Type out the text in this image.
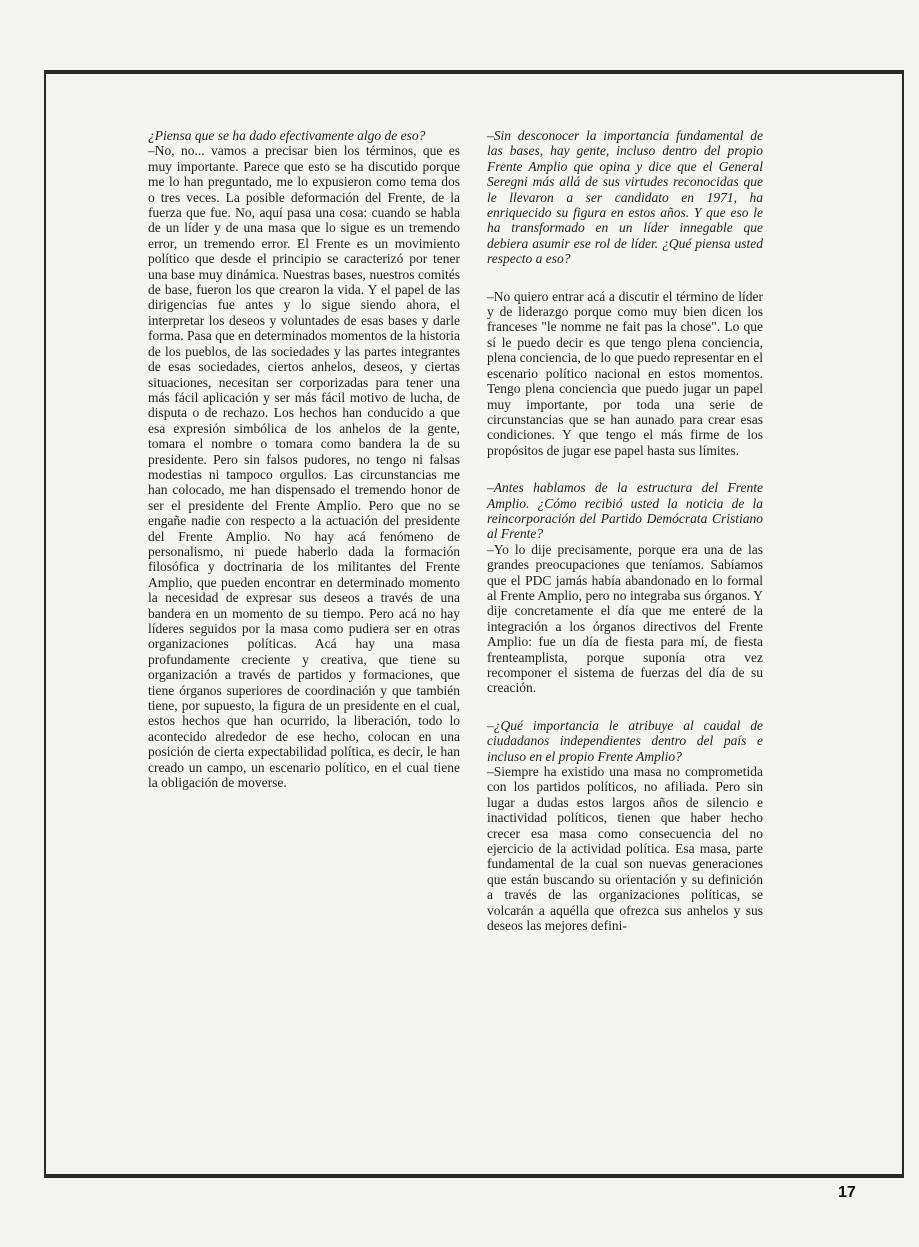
¿Piensa que se ha dado efectivamente algo de eso?

–No, no... vamos a precisar bien los términos, que es muy importante. Parece que esto se ha discutido porque me lo han preguntado, me lo expusieron como tema dos o tres veces. La posible deformación del Frente, de la fuerza que fue. No, aquí pasa una cosa: cuando se habla de un líder y de una masa que lo sigue es un tremendo error, un tremendo error. El Frente es un movimiento político que desde el principio se caracterizó por tener una base muy dinámica. Nuestras bases, nuestros comités de base, fueron los que crearon la vida. Y el papel de las dirigencias fue antes y lo sigue siendo ahora, el interpretar los deseos y voluntades de esas bases y darle forma. Pasa que en determinados momentos de la historia de los pueblos, de las sociedades y las partes integrantes de esas sociedades, ciertos anhelos, deseos, y ciertas situaciones, necesitan ser corporizadas para tener una más fácil aplicación y ser más fácil motivo de lucha, de disputa o de rechazo. Los hechos han conducido a que esa expresión simbólica de los anhelos de la gente, tomara el nombre o tomara como bandera la de su presidente. Pero sin falsos pudores, no tengo ni falsas modestias ni tampoco orgullos. Las circunstancias me han colocado, me han dispensado el tremendo honor de ser el presidente del Frente Amplio. Pero que no se engañe nadie con respecto a la actuación del presidente del Frente Amplio. No hay acá fenómeno de personalismo, ni puede haberlo dada la formación filosófica y doctrinaria de los militantes del Frente Amplio, que pueden encontrar en determinado momento la necesidad de expresar sus deseos a través de una bandera en un momento de su tiempo. Pero acá no hay líderes seguidos por la masa como pudiera ser en otras organizaciones políticas. Acá hay una masa profundamente creciente y creativa, que tiene su organización a través de partidos y formaciones, que tiene órganos superiores de coordinación y que también tiene, por supuesto, la figura de un presidente en el cual, estos hechos que han ocurrido, la liberación, todo lo acontecido alrededor de ese hecho, colocan en una posición de cierta expectabilidad política, es decir, le han creado un campo, un escenario político, en el cual tiene la obligación de moverse.

–Sin desconocer la importancia fundamental de las bases, hay gente, incluso dentro del propio Frente Amplio que opina y dice que el General Seregni más allá de sus virtudes reconocidas que le llevaron a ser candidato en 1971, ha enriquecido su figura en estos años. Y que eso le ha transformado en un líder innegable que debiera asumir ese rol de líder. ¿Qué piensa usted respecto a eso?

–No quiero entrar acá a discutir el término de líder y de liderazgo porque como muy bien dicen los franceses "le nomme ne fait pas la chose". Lo que sí le puedo decir es que tengo plena conciencia, plena conciencia, de lo que puedo representar en el escenario político nacional en estos momentos. Tengo plena conciencia que puedo jugar un papel muy importante, por toda una serie de circunstancias que se han aunado para crear esas condiciones. Y que tengo el más firme de los propósitos de jugar ese papel hasta sus límites.

–Antes hablamos de la estructura del Frente Amplio. ¿Cómo recibió usted la noticia de la reincorporación del Partido Demócrata Cristiano al Frente?

–Yo lo dije precisamente, porque era una de las grandes preocupaciones que teníamos. Sabíamos que el PDC jamás había abandonado en lo formal al Frente Amplio, pero no integraba sus órganos. Y dije concretamente el día que me enteré de la integración a los órganos directivos del Frente Amplio: fue un día de fiesta para mí, de fiesta frenteamplista, porque suponía otra vez recomponer el sistema de fuerzas del día de su creación.

–¿Qué importancia le atribuye al caudal de ciudadanos independientes dentro del país e incluso en el propio Frente Amplio?

–Siempre ha existido una masa no comprometida con los partidos políticos, no afiliada. Pero sin lugar a dudas estos largos años de silencio e inactividad políticos, tienen que haber hecho crecer esa masa como consecuencia del no ejercicio de la actividad política. Esa masa, parte fundamental de la cual son nuevas generaciones que están buscando su orientación y su definición a través de las organizaciones políticas, se volcarán a aquélla que ofrezca sus anhelos y sus deseos las mejores defini-

17
